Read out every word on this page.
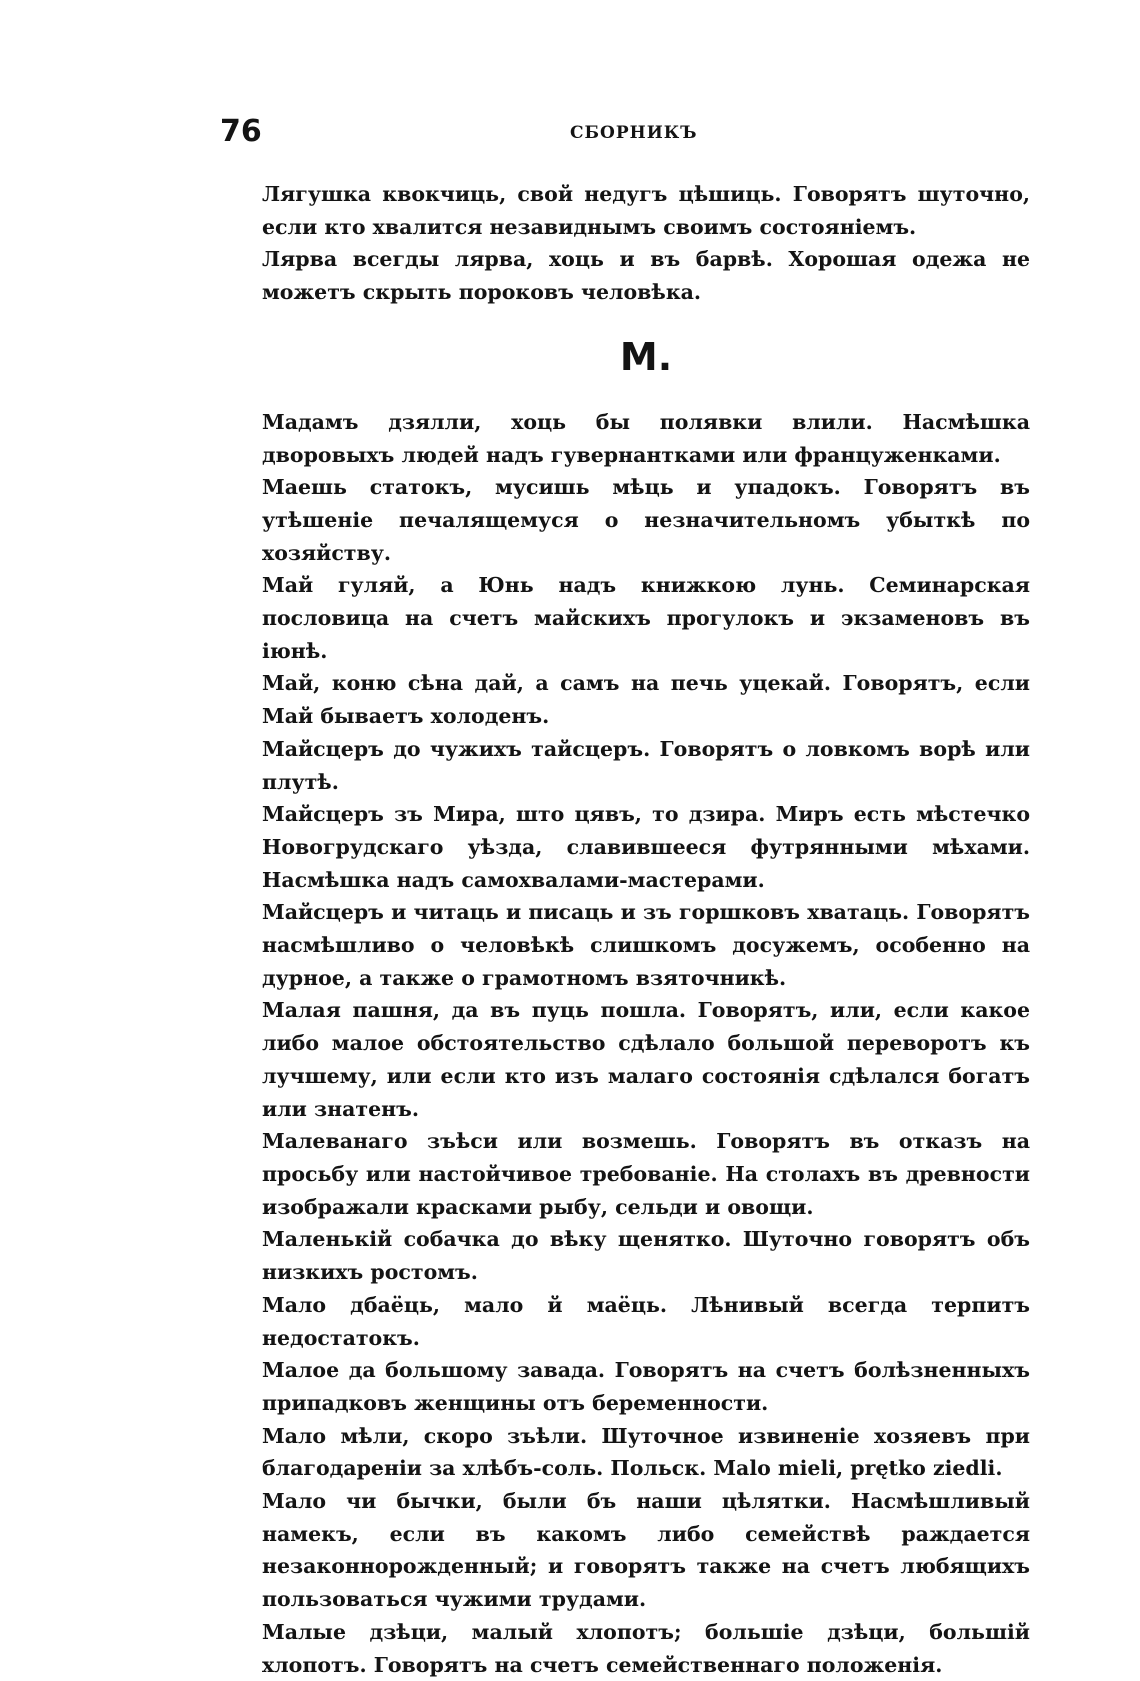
76	СБОРНИКЪ

Лягушка квокчиць, свой недугъ цѣшиць. Говорятъ шуточно, если кто хвалится незавиднымъ своимъ состояніемъ.

Лярва всегды лярва, хоць и въ барвѣ. Хорошая одежа не можетъ скрыть пороковъ человѣка.

М.

Мадамъ дзялли, хоць бы полявки влили. Насмѣшка дворовыхъ людей надъ гувернантками или француженками.

Маешь статокъ, мусишь мѣць и упадокъ. Говорятъ въ утѣшеніе печалящемуся о незначительномъ убыткѣ по хозяйству.

Май гуляй, а Юнь надъ книжкою лунь. Семинарская пословица на счетъ майскихъ прогулокъ и экзаменовъ въ іюнѣ.

Май, коню сѣна дай, а самъ на печь уцекай. Говорятъ, если Май бываетъ холоденъ.

Майсцеръ до чужихъ тайсцеръ. Говорятъ о ловкомъ ворѣ или плутѣ.

Майсцеръ зъ Мира, што цявъ, то дзира. Миръ есть мѣстечко Новогрудскаго уѣзда, славившееся футрянными мѣхами. Насмѣшка надъ самохвалами-мастерами.

Майсцеръ и читаць и писаць и зъ горшковъ хватаць. Говорятъ насмѣшливо о человѣкѣ слишкомъ досужемъ, особенно на дурное, а также о грамотномъ взяточникѣ.

Малая пашня, да въ пуць пошла. Говорятъ, или, если какое либо малое обстоятельство сдѣлало большой переворотъ къ лучшему, или если кто изъ малаго состоянія сдѣлался богатъ или знатенъ.

Малеванаго зъѣси или возмешь. Говорятъ въ отказъ на просьбу или настойчивое требованіе. На столахъ въ древности изображали красками рыбу, сельди и овощи.

Маленькій собачка до вѣку щенятко. Шуточно говорятъ объ низкихъ ростомъ.

Мало дбаёць, мало й маёць. Лѣнивый всегда терпитъ недостатокъ.

Малое да большому завада. Говорятъ на счетъ болѣзненныхъ припадковъ женщины отъ беременности.

Мало мѣли, скоро зъѣли. Шуточное извиненіе хозяевъ при благодареніи за хлѣбъ-соль. Польск. Malo mieli, prętko ziedli.

Мало чи бычки, были бъ наши цѣлятки. Насмѣшливый намекъ, если въ какомъ либо семействѣ раждается незаконнорожденный; и говорятъ также на счетъ любящихъ пользоваться чужими трудами.

Малые дзѣци, малый хлопотъ; большіе дзѣци, большій хлопотъ. Говорятъ на счетъ семейственнаго положенія.
